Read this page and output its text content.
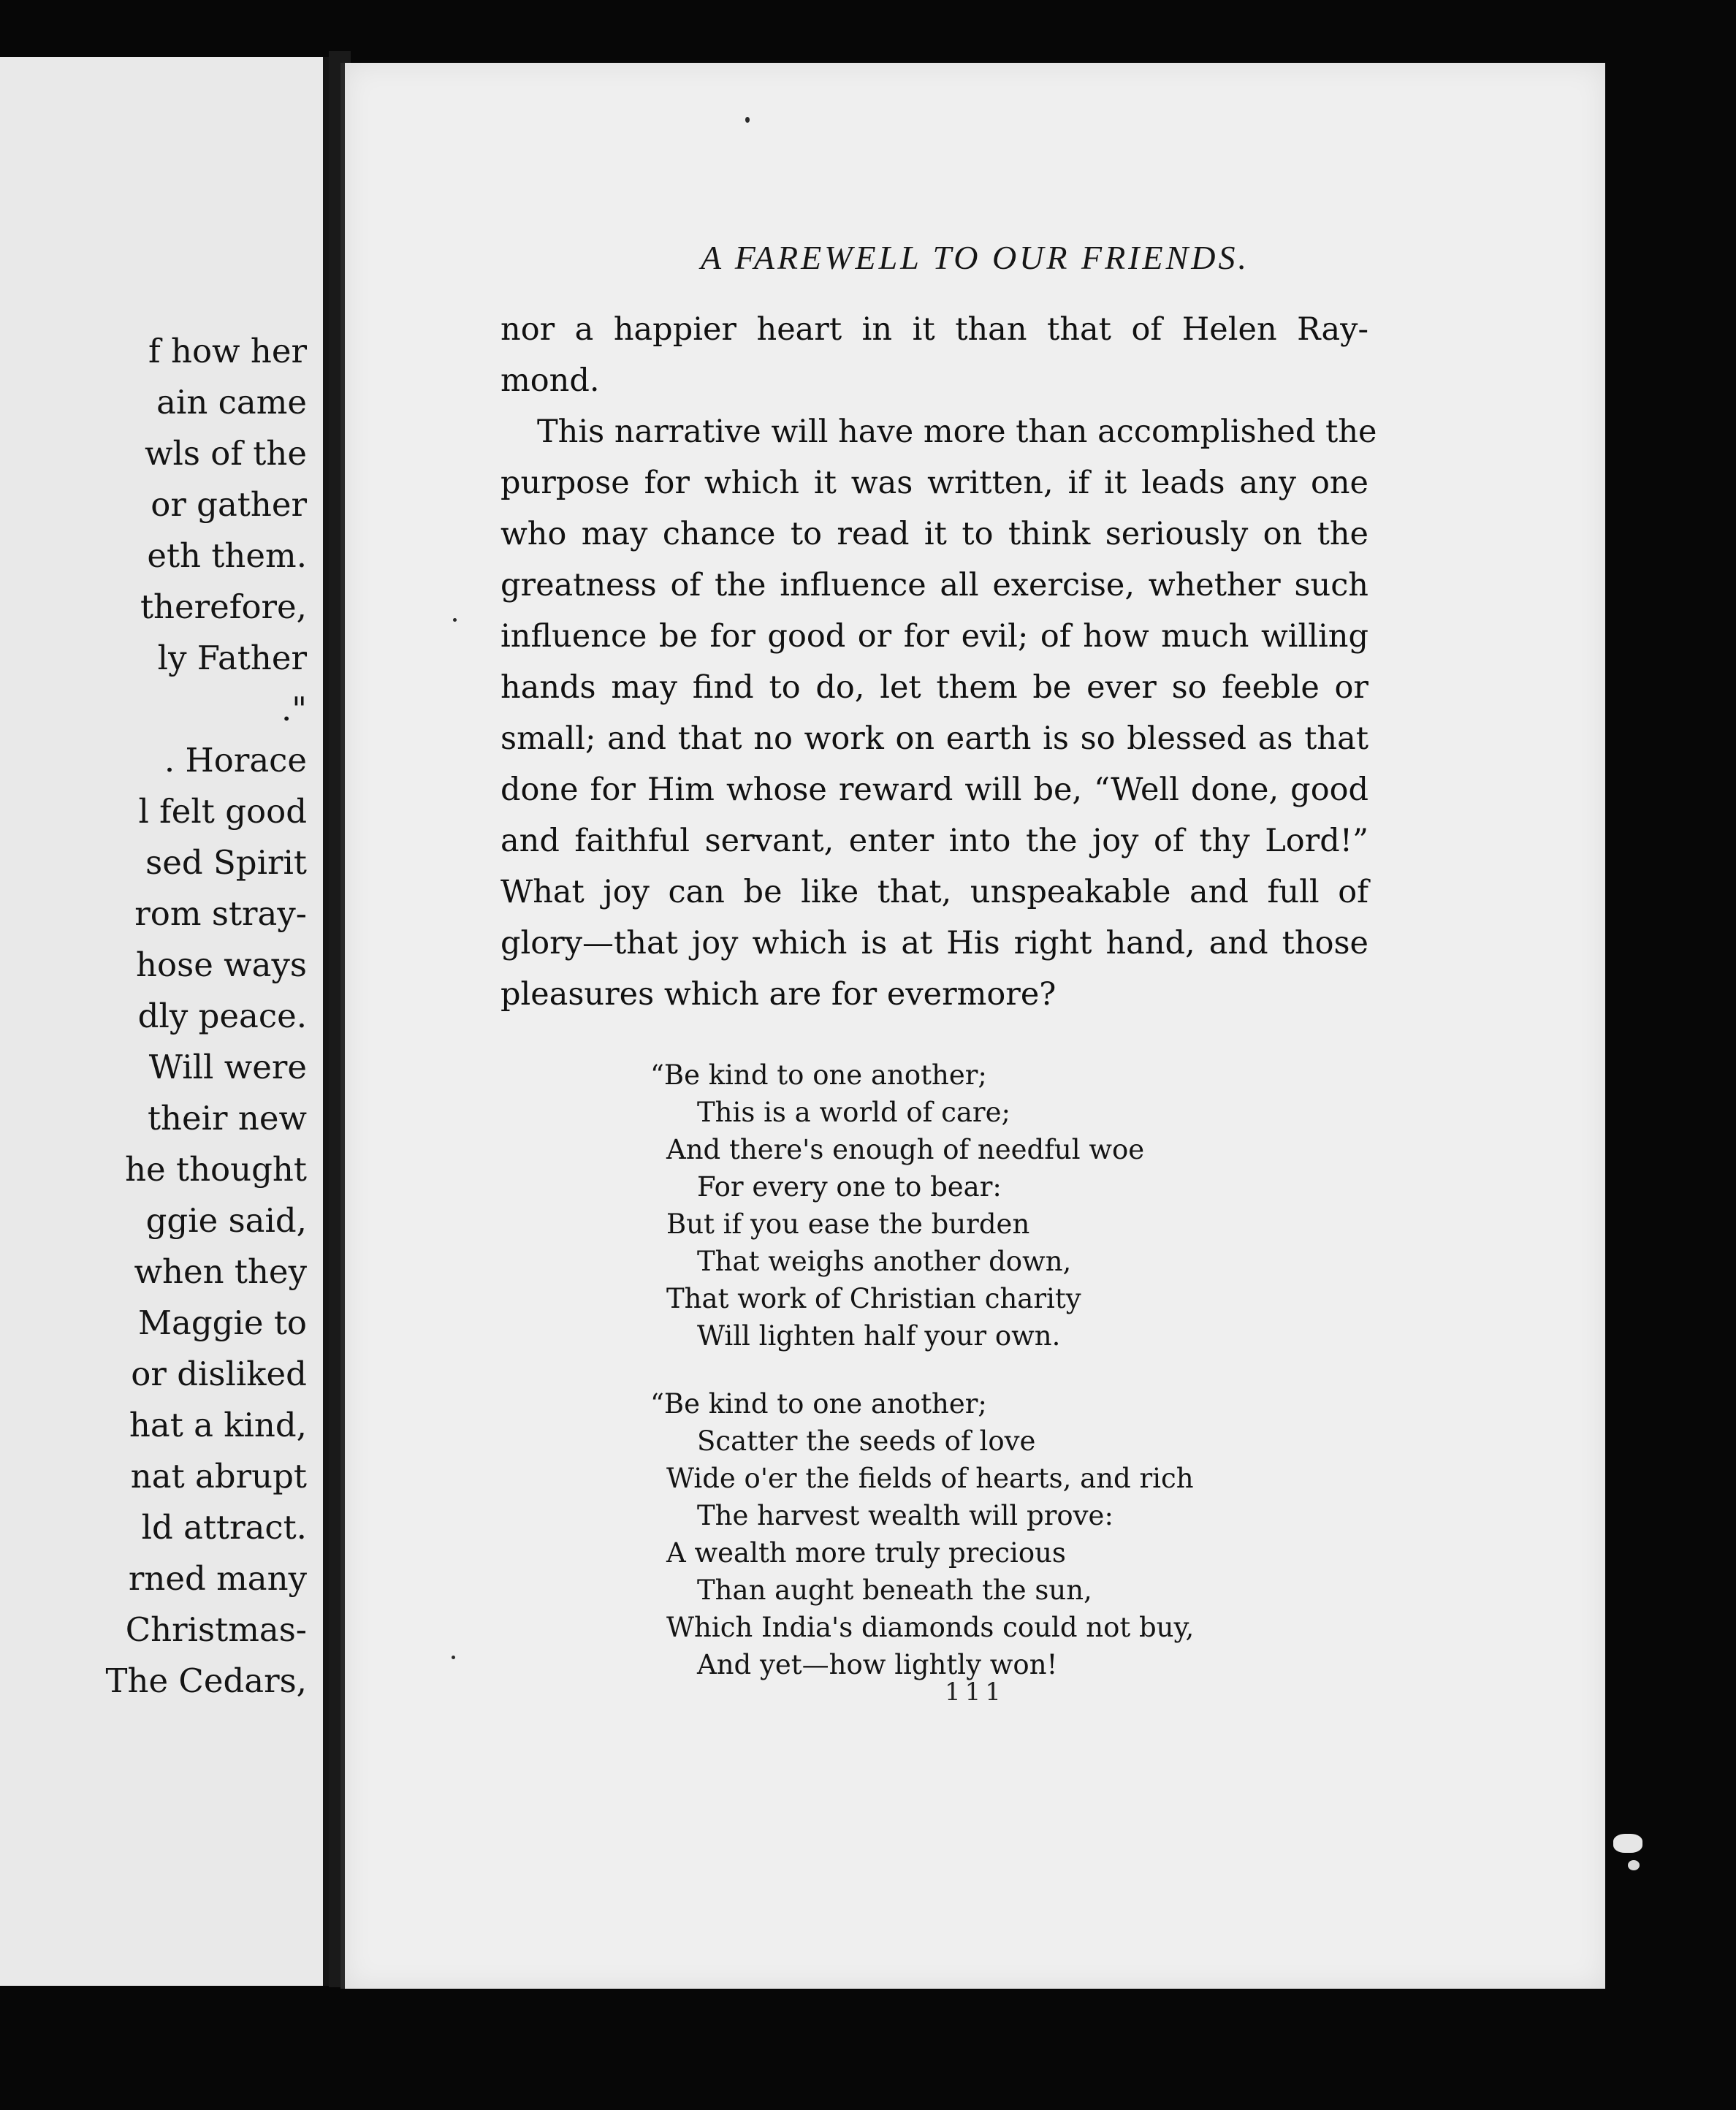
f how her
ain came
wls of the
or gather
eth them.
therefore,
ly Father
."
. Horace
l felt good
sed Spirit
rom stray-
hose ways
dly peace.
Will were
their new
he thought
ggie said,
when they
Maggie to
or disliked
hat a kind,
nat abrupt
ld attract.
rned many
Christmas-
The Cedars,
A FAREWELL TO OUR FRIENDS.
nor a happier heart in it than that of Helen Ray-
mond.
This narrative will have more than accomplished the
purpose for which it was written, if it leads any one
who may chance to read it to think seriously on the
greatness of the influence all exercise, whether such
influence be for good or for evil; of how much willing
hands may find to do, let them be ever so feeble or
small; and that no work on earth is so blessed as that
done for Him whose reward will be, “Well done, good
and faithful servant, enter into the joy of thy Lord!”
What joy can be like that, unspeakable and full of
glory—that joy which is at His right hand, and those
pleasures which are for evermore?
“Be kind to one another;
This is a world of care;
And there's enough of needful woe
For every one to bear:
But if you ease the burden
That weighs another down,
That work of Christian charity
Will lighten half your own.
“Be kind to one another;
Scatter the seeds of love
Wide o'er the fields of hearts, and rich
The harvest wealth will prove:
A wealth more truly precious
Than aught beneath the sun,
Which India's diamonds could not buy,
And yet—how lightly won!
111
